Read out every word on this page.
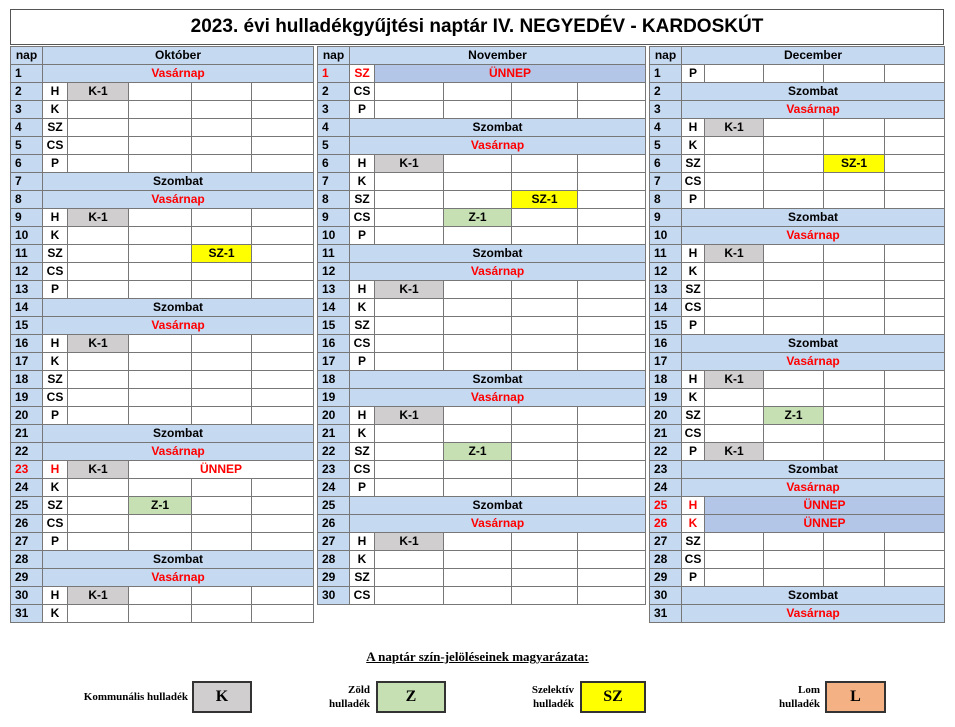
2023. évi hulladékgyűjtési naptár IV. NEGYEDÉV - KARDOSKÚT
nap	Október				
1	Vasárnap				
2	H	K-1			
3	K				
4	SZ				
5	CS				
6	P				
7	Szombat				
8	Vasárnap				
9	H	K-1			
10	K				
11	SZ			SZ-1	
12	CS				
13	P				
14	Szombat				
15	Vasárnap				
16	H	K-1			
17	K				
18	SZ				
19	CS				
20	P				
21	Szombat				
22	Vasárnap				
23	H	K-1	ÜNNEP		
24	K				
25	SZ		Z-1		
26	CS				
27	P				
28	Szombat				
29	Vasárnap				
30	H	K-1			
31	K				
nap	November				
1	SZ	ÜNNEP			
2	CS				
3	P				
4	Szombat				
5	Vasárnap				
6	H	K-1			
7	K				
8	SZ			SZ-1	
9	CS		Z-1		
10	P				
11	Szombat				
12	Vasárnap				
13	H	K-1			
14	K				
15	SZ				
16	CS				
17	P				
18	Szombat				
19	Vasárnap				
20	H	K-1			
21	K				
22	SZ		Z-1		
23	CS				
24	P				
25	Szombat				
26	Vasárnap				
27	H	K-1			
28	K				
29	SZ				
30	CS				
nap	December				
1	P				
2	Szombat				
3	Vasárnap				
4	H	K-1			
5	K				
6	SZ			SZ-1	
7	CS				
8	P				
9	Szombat				
10	Vasárnap				
11	H	K-1			
12	K				
13	SZ				
14	CS				
15	P				
16	Szombat				
17	Vasárnap				
18	H	K-1			
19	K				
20	SZ		Z-1		
21	CS				
22	P	K-1			
23	Szombat				
24	Vasárnap				
25	H	ÜNNEP			
26	K	ÜNNEP			
27	SZ				
28	CS				
29	P				
30	Szombat				
31	Vasárnap				
A naptár szín-jelöléseinek magyarázata:
Kommunális hulladék	K	Zöld hulladék	Z	Szelektív hulladék	SZ	Lom hulladék	L
